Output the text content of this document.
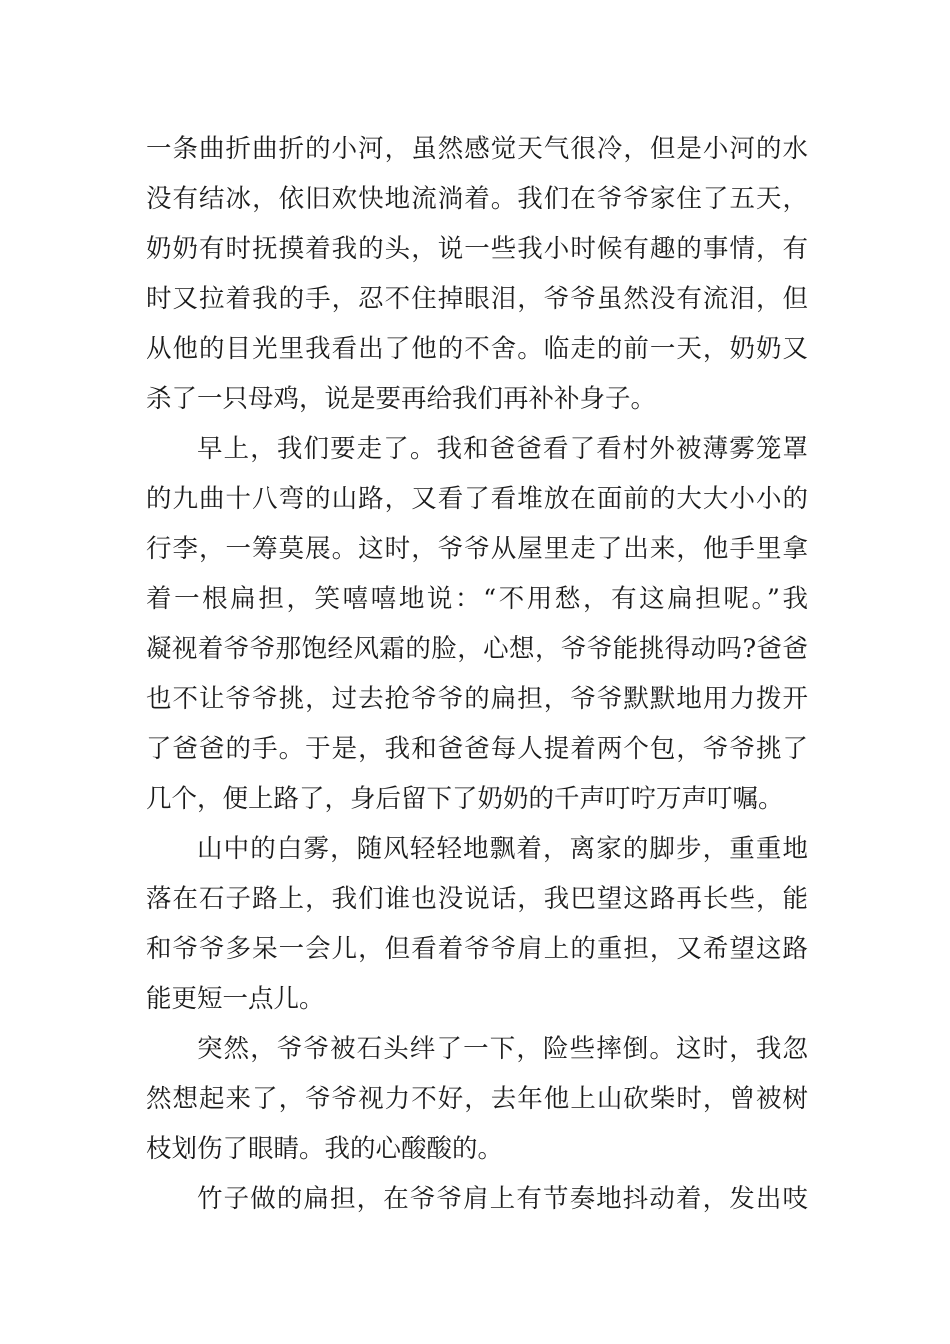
一条曲折曲折的小河，虽然感觉天气很冷，但是小河的水
没有结冰，依旧欢快地流淌着。我们在爷爷家住了五天，
奶奶有时抚摸着我的头，说一些我小时候有趣的事情，有
时又拉着我的手，忍不住掉眼泪，爷爷虽然没有流泪，但
从他的目光里我看出了他的不舍。临走的前一天，奶奶又
杀了一只母鸡，说是要再给我们再补补身子。
早上，我们要走了。我和爸爸看了看村外被薄雾笼罩
的九曲十八弯的山路，又看了看堆放在面前的大大小小的
行李，一筹莫展。这时，爷爷从屋里走了出来，他手里拿
着一根扁担，笑嘻嘻地说：“不用愁，有这扁担呢。”我
凝视着爷爷那饱经风霜的脸，心想，爷爷能挑得动吗?爸爸
也不让爷爷挑，过去抢爷爷的扁担，爷爷默默地用力拨开
了爸爸的手。于是，我和爸爸每人提着两个包，爷爷挑了
几个，便上路了，身后留下了奶奶的千声叮咛万声叮嘱。
山中的白雾，随风轻轻地飘着，离家的脚步，重重地
落在石子路上，我们谁也没说话，我巴望这路再长些，能
和爷爷多呆一会儿，但看着爷爷肩上的重担，又希望这路
能更短一点儿。
突然，爷爷被石头绊了一下，险些摔倒。这时，我忽
然想起来了，爷爷视力不好，去年他上山砍柴时，曾被树
枝划伤了眼睛。我的心酸酸的。
竹子做的扁担，在爷爷肩上有节奏地抖动着，发出吱
